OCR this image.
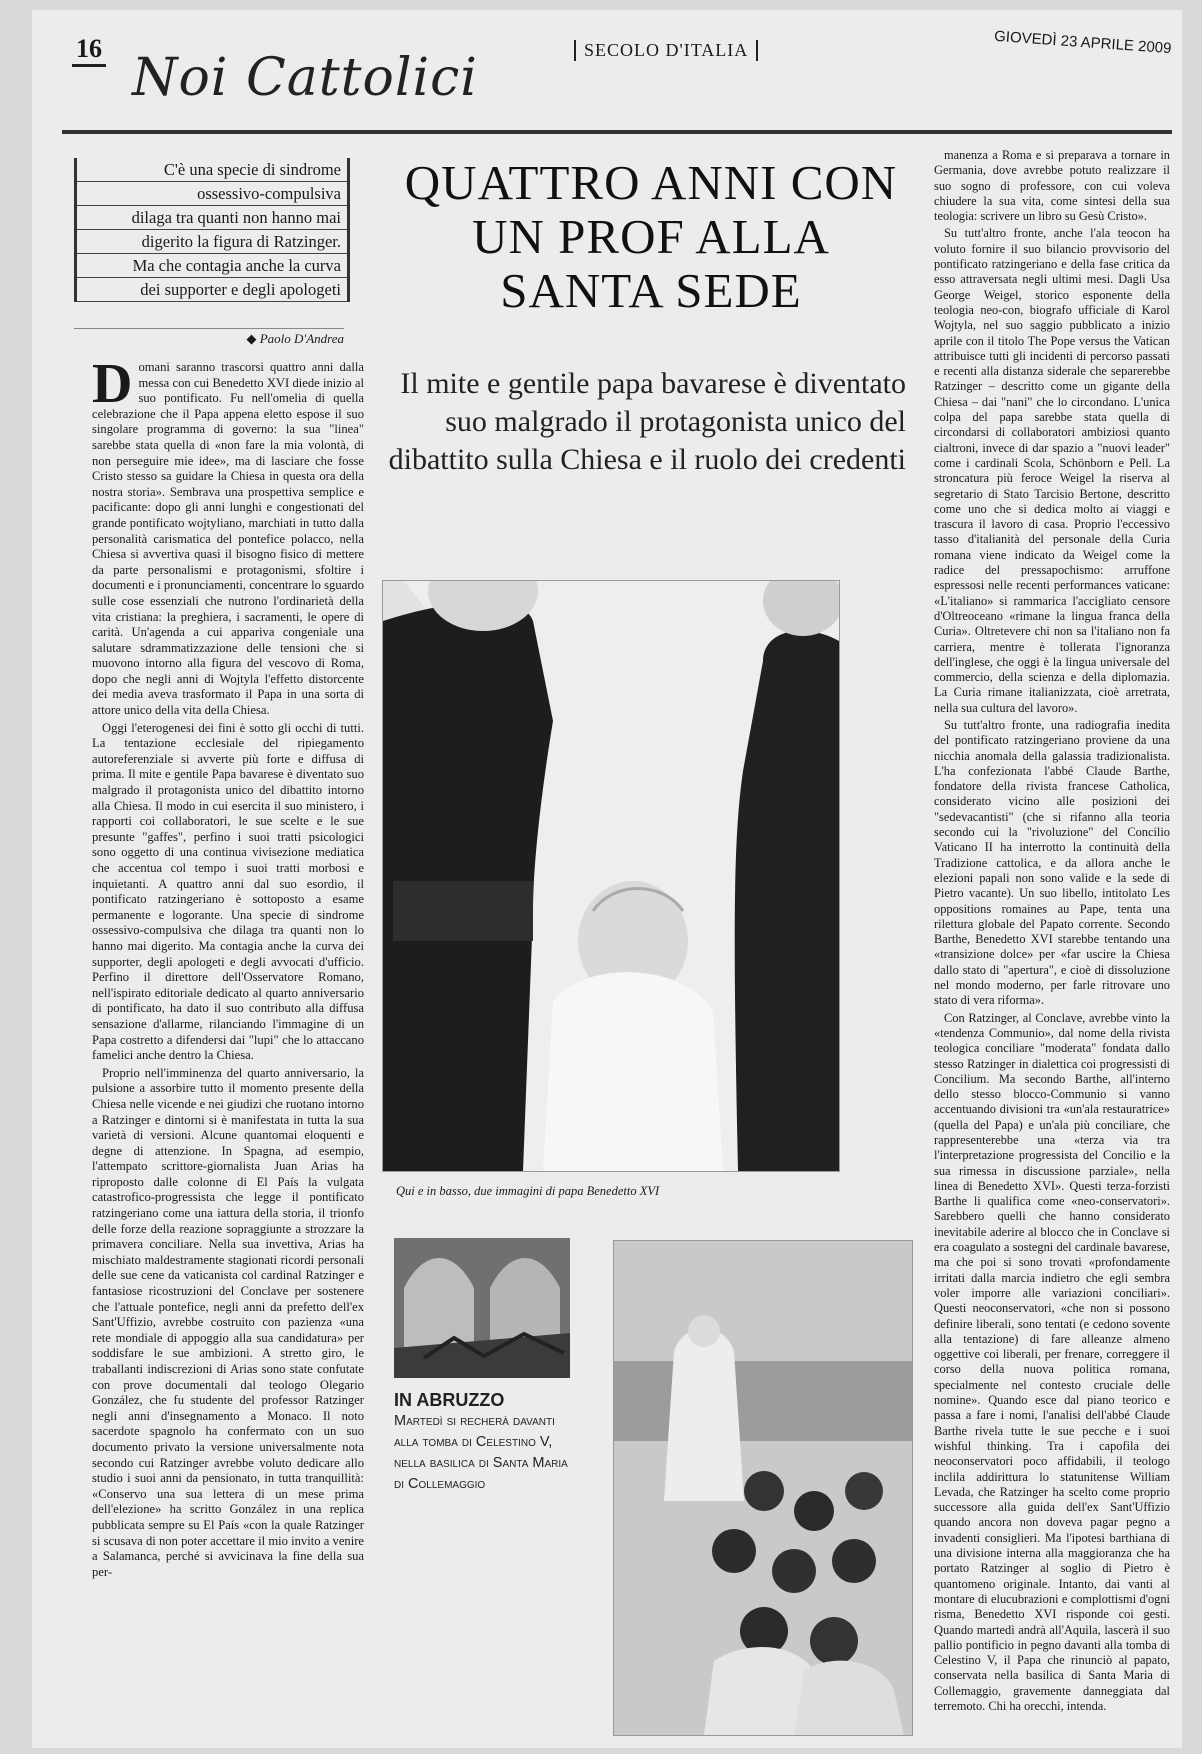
16 Noi Cattolici	SECOLO D'ITALIA	GIOVEDÌ 23 APRILE 2009
C'è una specie di sindrome
ossessivo-compulsiva
dilaga tra quanti non hanno mai
digerito la figura di Ratzinger.
Ma che contagia anche la curva
dei supporter e degli apologeti
◆ Paolo D'Andrea

Domani saranno trascorsi quattro anni dalla messa con cui Benedetto XVI diede inizio al suo pontificato. Fu nell'omelia di quella celebrazione che il Papa appena eletto espose il suo singolare programma di governo: la sua "linea" sarebbe stata quella di «non fare la mia volontà, di non perseguire mie idee», ma di lasciare che fosse Cristo stesso sa guidare la Chiesa in questa ora della nostra storia». Sembrava una prospettiva semplice e pacificante: dopo gli anni lunghi e congestionati del grande pontificato wojtyliano, marchiati in tutto dalla personalità carismatica del pontefice polacco, nella Chiesa si avvertiva quasi il bisogno fisico di mettere da parte personalismi e protagonismi, sfoltire i documenti e i pronunciamenti, concentrare lo sguardo sulle cose essenziali che nutrono l'ordinarietà della vita cristiana: la preghiera, i sacramenti, le opere di carità. Un'agenda a cui appariva congeniale una salutare sdrammatizzazione delle tensioni che si muovono intorno alla figura del vescovo di Roma, dopo che negli anni di Wojtyla l'effetto distorcente dei media aveva trasformato il Papa in una sorta di attore unico della vita della Chiesa.

Oggi l'eterogenesi dei fini è sotto gli occhi di tutti. La tentazione ecclesiale del ripiegamento autoreferenziale si avverte più forte e diffusa di prima. Il mite e gentile Papa bavarese è diventato suo malgrado il protagonista unico del dibattito intorno alla Chiesa. Il modo in cui esercita il suo ministero, i rapporti coi collaboratori, le sue scelte e le sue presunte "gaffes", perfino i suoi tratti psicologici sono oggetto di una continua vivisezione mediatica che accentua col tempo i suoi tratti morbosi e inquietanti. A quattro anni dal suo esordio, il pontificato ratzingeriano è sottoposto a esame permanente e logorante. Una specie di sindrome ossessivo-compulsiva che dilaga tra quanti non lo hanno mai digerito. Ma contagia anche la curva dei supporter, degli apologeti e degli avvocati d'ufficio. Perfino il direttore dell'Osservatore Romano, nell'ispirato editoriale dedicato al quarto anniversario di pontificato, ha dato il suo contributo alla diffusa sensazione d'allarme, rilanciando l'immagine di un Papa costretto a difendersi dai "lupi" che lo attaccano famelici anche dentro la Chiesa.

Proprio nell'imminenza del quarto anniversario, la pulsione a assorbire tutto il momento presente della Chiesa nelle vicende e nei giudizi che ruotano intorno a Ratzinger e dintorni si è manifestata in tutta la sua varietà di versioni. Alcune quantomai eloquenti e degne di attenzione. In Spagna, ad esempio, l'attempato scrittore-giornalista Juan Arias ha riproposto dalle colonne di El País la vulgata catastrofico-progressista che legge il pontificato ratzingeriano come una iattura della storia, il trionfo delle forze della reazione sopraggiunte a strozzare la primavera conciliare. Nella sua invettiva, Arias ha mischiato maldestramente stagionati ricordi personali delle sue cene da vaticanista col cardinal Ratzinger e fantasiose ricostruzioni del Conclave per sostenere che l'attuale pontefice, negli anni da prefetto dell'ex Sant'Uffizio, avrebbe costruito con pazienza «una rete mondiale di appoggio alla sua candidatura» per soddisfare le sue ambizioni. A stretto giro, le traballanti indiscrezioni di Arias sono state confutate con prove documentali dal teologo Olegario González, che fu studente del professor Ratzinger negli anni d'insegnamento a Monaco. Il noto sacerdote spagnolo ha confermato con un suo documento privato la versione universalmente nota secondo cui Ratzinger avrebbe voluto dedicare allo studio i suoi anni da pensionato, in tutta tranquillità: «Conservo una sua lettera di un mese prima dell'elezione» ha scritto González in una replica pubblicata sempre su El País «con la quale Ratzinger si scusava di non poter accettare il mio invito a venire a Salamanca, perché si avvicinava la fine della sua per-

QUATTRO ANNI CON UN PROF ALLA SANTA SEDE
Il mite e gentile papa bavarese è diventato suo malgrado il protagonista unico del dibattito sulla Chiesa e il ruolo dei credenti
Qui e in basso, due immagini di papa Benedetto XVI
IN ABRUZZO
Martedì si recherà davanti alla tomba di Celestino V, nella basilica di Santa Maria di Collemaggio

manenza a Roma e si preparava a tornare in Germania, dove avrebbe potuto realizzare il suo sogno di professore, con cui voleva chiudere la sua vita, come sintesi della sua teologia: scrivere un libro su Gesù Cristo».

Su tutt'altro fronte, anche l'ala teocon ha voluto fornire il suo bilancio provvisorio del pontificato ratzingeriano e della fase critica da esso attraversata negli ultimi mesi. Dagli Usa George Weigel, storico esponente della teologia neo-con, biografo ufficiale di Karol Wojtyla, nel suo saggio pubblicato a inizio aprile con il titolo The Pope versus the Vatican attribuisce tutti gli incidenti di percorso passati e recenti alla distanza siderale che separerebbe Ratzinger – descritto come un gigante della Chiesa – dai "nani" che lo circondano. L'unica colpa del papa sarebbe stata quella di circondarsi di collaboratori ambiziosi quanto cialtroni, invece di dar spazio a "nuovi leader" come i cardinali Scola, Schönborn e Pell. La stroncatura più feroce Weigel la riserva al segretario di Stato Tarcisio Bertone, descritto come uno che si dedica molto ai viaggi e trascura il lavoro di casa. Proprio l'eccessivo tasso d'italianità del personale della Curia romana viene indicato da Weigel come la radice del pressapochismo: arruffone espressosi nelle recenti performances vaticane: «L'italiano» si rammarica l'accigliato censore d'Oltreoceano «rimane la lingua franca della Curia». Oltretevere chi non sa l'italiano non fa carriera, mentre è tollerata l'ignoranza dell'inglese, che oggi è la lingua universale del commercio, della scienza e della diplomazia. La Curia rimane italianizzata, cioè arretrata, nella sua cultura del lavoro».

Su tutt'altro fronte, una radiografia inedita del pontificato ratzingeriano proviene da una nicchia anomala della galassia tradizionalista. L'ha confezionata l'abbé Claude Barthe, fondatore della rivista francese Catholica, considerato vicino alle posizioni dei "sedevacantisti" (che si rifanno alla teoria secondo cui la "rivoluzione" del Concilio Vaticano II ha interrotto la continuità della Tradizione cattolica, e da allora anche le elezioni papali non sono valide e la sede di Pietro vacante). Un suo libello, intitolato Les oppositions romaines au Pape, tenta una rilettura globale del Papato corrente. Secondo Barthe, Benedetto XVI starebbe tentando una «transizione dolce» per «far uscire la Chiesa dallo stato di "apertura", e cioè di dissoluzione nel mondo moderno, per farle ritrovare uno stato di vera riforma».

Con Ratzinger, al Conclave, avrebbe vinto la «tendenza Communio», dal nome della rivista teologica conciliare "moderata" fondata dallo stesso Ratzinger in dialettica coi progressisti di Concilium. Ma secondo Barthe, all'interno dello stesso blocco-Communio si vanno accentuando divisioni tra «un'ala restauratrice» (quella del Papa) e un'ala più conciliare, che rappresenterebbe una «terza via tra l'interpretazione progressista del Concilio e la sua rimessa in discussione parziale», nella linea di Benedetto XVI». Questi terza-forzisti Barthe li qualifica come «neo-conservatori». Sarebbero quelli che hanno considerato inevitabile aderire al blocco che in Conclave si era coagulato a sostegni del cardinale bavarese, ma che poi si sono trovati «profondamente irritati dalla marcia indietro che egli sembra voler imporre alle variazioni conciliari». Questi neoconservatori, «che non si possono definire liberali, sono tentati (e cedono sovente alla tentazione) di fare alleanze almeno oggettive coi liberali, per frenare, correggere il corso della nuova politica romana, specialmente nel contesto cruciale delle nomine». Quando esce dal piano teorico e passa a fare i nomi, l'analisi dell'abbé Claude Barthe rivela tutte le sue pecche e i suoi wishful thinking. Tra i capofila dei neoconservatori poco affidabili, il teologo inclila addirittura lo statunitense William Levada, che Ratzinger ha scelto come proprio successore alla guida dell'ex Sant'Uffizio quando ancora non doveva pagar pegno a invadenti consiglieri. Ma l'ipotesi barthiana di una divisione interna alla maggioranza che ha portato Ratzinger al soglio di Pietro è quantomeno originale. Intanto, dai vanti al montare di elucubrazioni e complottismi d'ogni risma, Benedetto XVI risponde coi gesti. Quando martedì andrà all'Aquila, lascerà il suo pallio pontificio in pegno davanti alla tomba di Celestino V, il Papa che rinunciò al papato, conservata nella basilica di Santa Maria di Collemaggio, gravemente danneggiata dal terremoto. Chi ha orecchi, intenda.
